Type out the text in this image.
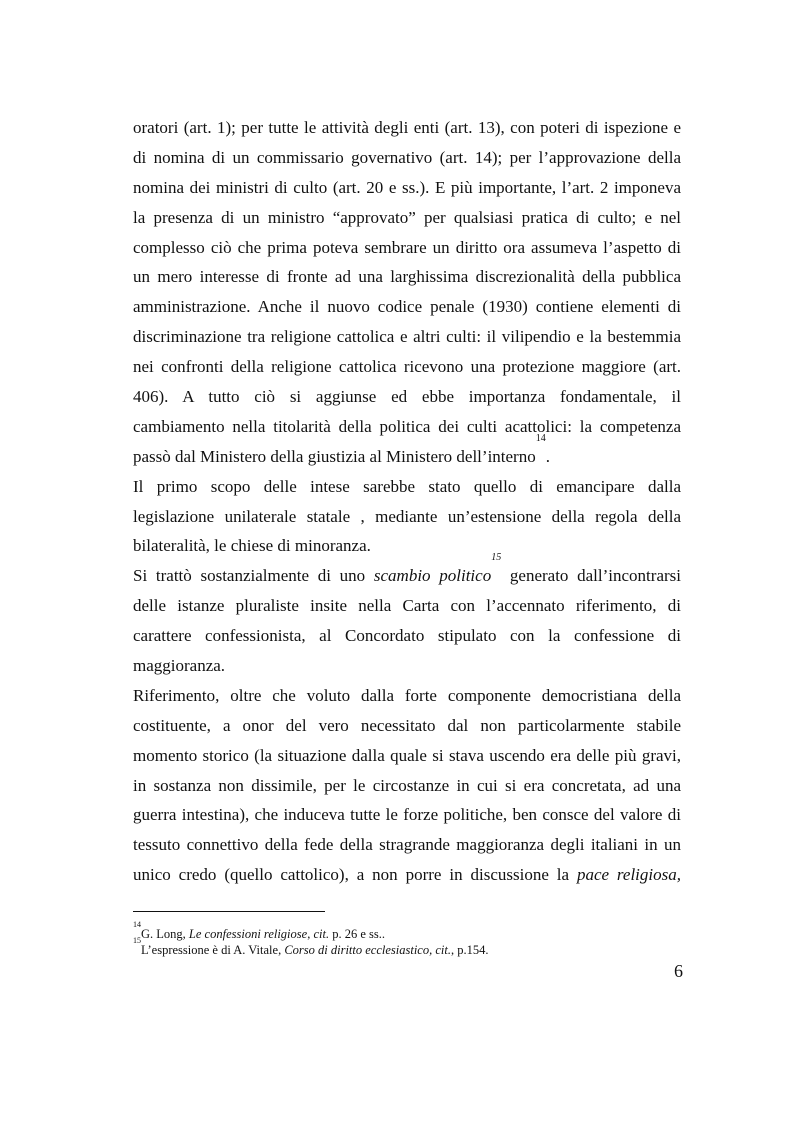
oratori (art. 1); per tutte le attività degli enti (art. 13), con poteri di ispezione e
di nomina di un commissario governativo (art. 14); per l’approvazione della
nomina dei ministri di culto (art. 20 e ss.). E più importante, l’art. 2 imponeva
la presenza di un ministro “approvato” per qualsiasi pratica di culto; e nel
complesso ciò che prima poteva sembrare un diritto ora assumeva l’aspetto di
un mero interesse di fronte ad una larghissima discrezionalità della pubblica
amministrazione. Anche il nuovo codice penale (1930) contiene elementi di
discriminazione tra religione cattolica e altri culti: il vilipendio e la bestemmia
nei confronti della religione cattolica ricevono una protezione maggiore (art.
406). A tutto ciò si aggiunse ed ebbe importanza fondamentale, il
cambiamento nella titolarità della politica dei culti acattolici: la competenza
passò dal Ministero della giustizia al Ministero dell’interno$^{14}$.
Il primo scopo delle intese sarebbe stato quello di emancipare dalla
legislazione unilaterale statale , mediante un’estensione della regola della
bilateralità, le chiese di minoranza.
Si trattò sostanzialmente di uno scambio politico$^{15}$ generato dall’incontrarsi
delle istanze pluraliste insite nella Carta con l’accennato riferimento, di
carattere confessionista, al Concordato stipulato con la confessione di
maggioranza.
Riferimento, oltre che voluto dalla forte componente democristiana della
costituente, a onor del vero necessitato dal non particolarmente stabile
momento storico (la situazione dalla quale si stava uscendo era delle più gravi,
in sostanza non dissimile, per le circostanze in cui si era concretata, ad una
guerra intestina), che induceva tutte le forze politiche, ben consce del valore di
tessuto connettivo della fede della stragrande maggioranza degli italiani in un
unico credo (quello cattolico), a non porre in discussione la pace religiosa,
$^{14}$G. Long, Le confessioni religiose, cit. p. 26 e ss..
$^{15}$L’espressione è di A. Vitale, Corso di diritto ecclesiastico, cit., p.154.
6
